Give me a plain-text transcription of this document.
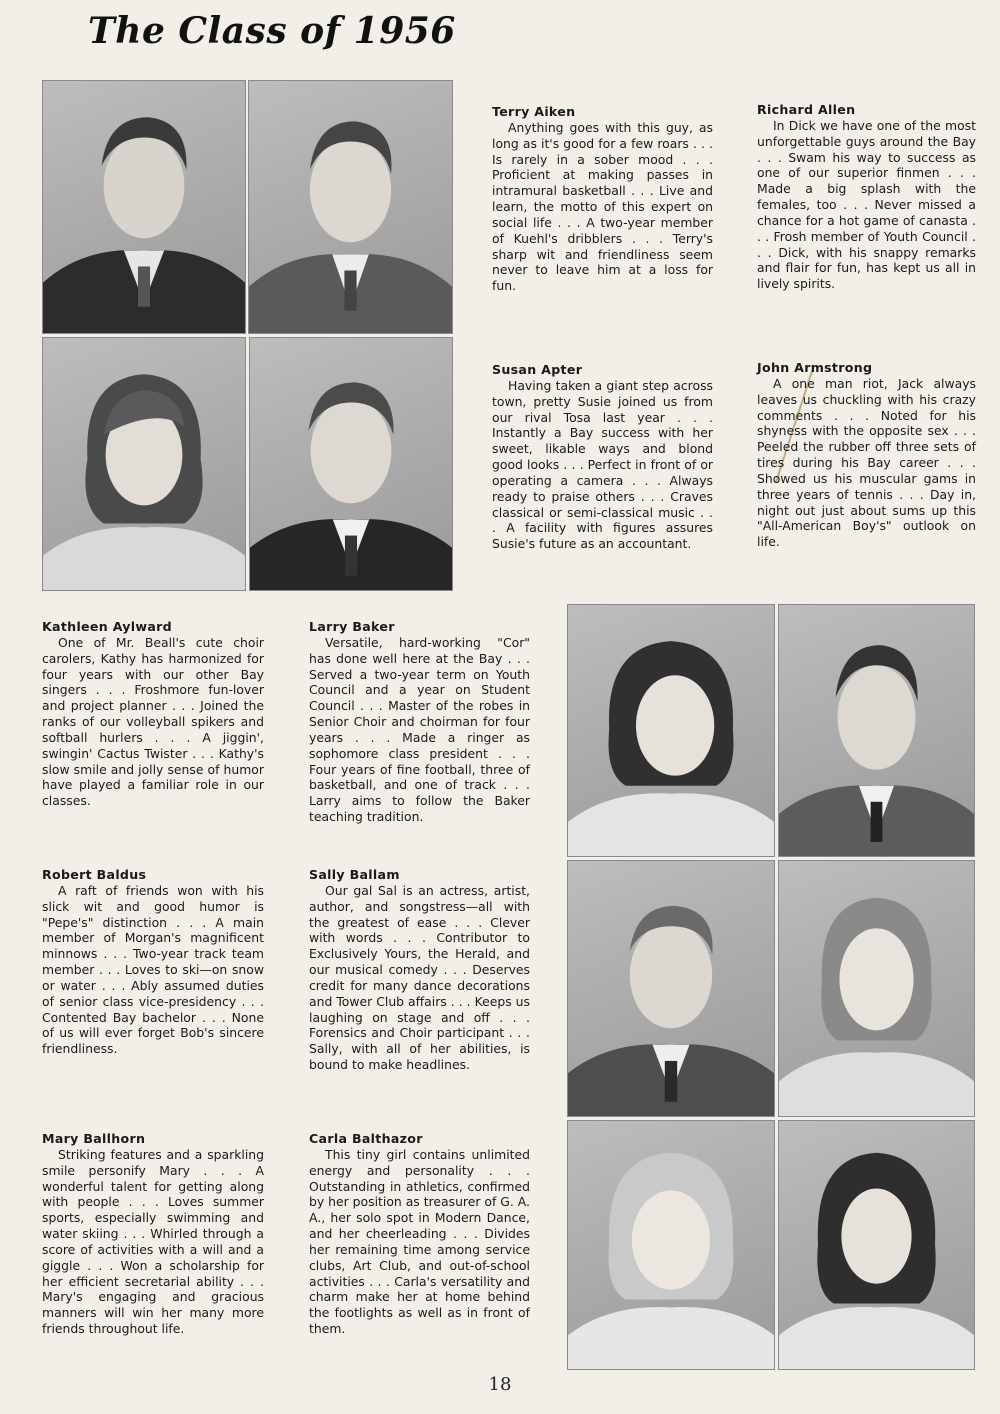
The Class of 1956
Terry Aiken
Anything goes with this guy, as long as it's good for a few roars . . . Is rarely in a sober mood . . . Proficient at making passes in intramural basketball . . . Live and learn, the motto of this expert on social life . . . A two-year member of Kuehl's dribblers . . . Terry's sharp wit and friendliness seem never to leave him at a loss for fun.
Richard Allen
In Dick we have one of the most unforgettable guys around the Bay . . . Swam his way to success as one of our superior finmen . . . Made a big splash with the females, too . . . Never missed a chance for a hot game of canasta . . . Frosh member of Youth Council . . . Dick, with his snappy remarks and flair for fun, has kept us all in lively spirits.
Susan Apter
Having taken a giant step across town, pretty Susie joined us from our rival Tosa last year . . . Instantly a Bay success with her sweet, likable ways and blond good looks . . . Perfect in front of or operating a camera . . . Always ready to praise others . . . Craves classical or semi-classical music . . . A facility with figures assures Susie's future as an accountant.
John Armstrong
A one man riot, Jack always leaves us chuckling with his crazy comments . . . Noted for his shyness with the opposite sex . . . Peeled the rubber off three sets of tires during his Bay career . . . Showed us his muscular gams in three years of tennis . . . Day in, night out just about sums up this "All-American Boy's" outlook on life.
Kathleen Aylward
One of Mr. Beall's cute choir carolers, Kathy has harmonized for four years with our other Bay singers . . . Froshmore fun-lover and project planner . . . Joined the ranks of our volleyball spikers and softball hurlers . . . A jiggin', swingin' Cactus Twister . . . Kathy's slow smile and jolly sense of humor have played a familiar role in our classes.
Larry Baker
Versatile, hard-working "Cor" has done well here at the Bay . . . Served a two-year term on Youth Council and a year on Student Council . . . Master of the robes in Senior Choir and choirman for four years . . . Made a ringer as sophomore class president . . . Four years of fine football, three of basketball, and one of track . . . Larry aims to follow the Baker teaching tradition.
Robert Baldus
A raft of friends won with his slick wit and good humor is "Pepe's" distinction . . . A main member of Morgan's magnificent minnows . . . Two-year track team member . . . Loves to ski—on snow or water . . . Ably assumed duties of senior class vice-presidency . . . Contented Bay bachelor . . . None of us will ever forget Bob's sincere friendliness.
Sally Ballam
Our gal Sal is an actress, artist, author, and songstress—all with the greatest of ease . . . Clever with words . . . Contributor to Exclusively Yours, the Herald, and our musical comedy . . . Deserves credit for many dance decorations and Tower Club affairs . . . Keeps us laughing on stage and off . . . Forensics and Choir participant . . . Sally, with all of her abilities, is bound to make headlines.
Mary Ballhorn
Striking features and a sparkling smile personify Mary . . . A wonderful talent for getting along with people . . . Loves summer sports, especially swimming and water skiing . . . Whirled through a score of activities with a will and a giggle . . . Won a scholarship for her efficient secretarial ability . . . Mary's engaging and gracious manners will win her many more friends throughout life.
Carla Balthazor
This tiny girl contains unlimited energy and personality . . . Outstanding in athletics, confirmed by her position as treasurer of G. A. A., her solo spot in Modern Dance, and her cheerleading . . . Divides her remaining time among service clubs, Art Club, and out-of-school activities . . . Carla's versatility and charm make her at home behind the footlights as well as in front of them.
18
